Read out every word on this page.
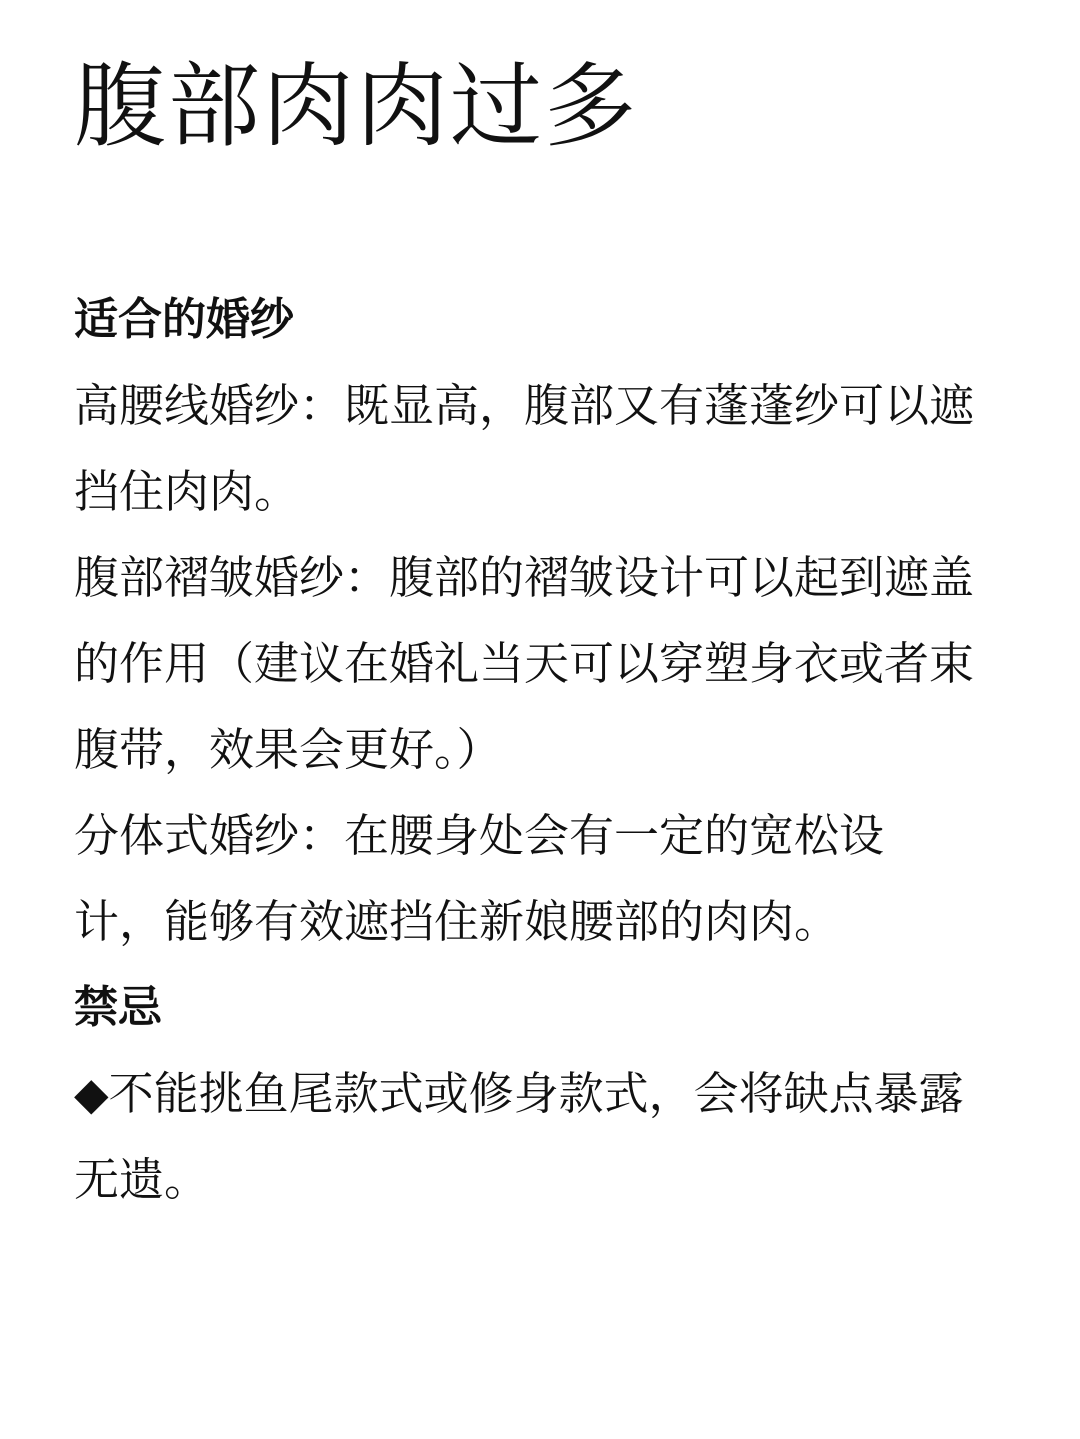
腹部肉肉过多

适合的婚纱

高腰线婚纱：既显高，腹部又有蓬蓬纱可以遮挡住肉肉。

腹部褶皱婚纱：腹部的褶皱设计可以起到遮盖的作用（建议在婚礼当天可以穿塑身衣或者束腹带，效果会更好。）

分体式婚纱：在腰身处会有一定的宽松设计，能够有效遮挡住新娘腰部的肉肉。

禁忌

◆不能挑鱼尾款式或修身款式，会将缺点暴露无遗。
